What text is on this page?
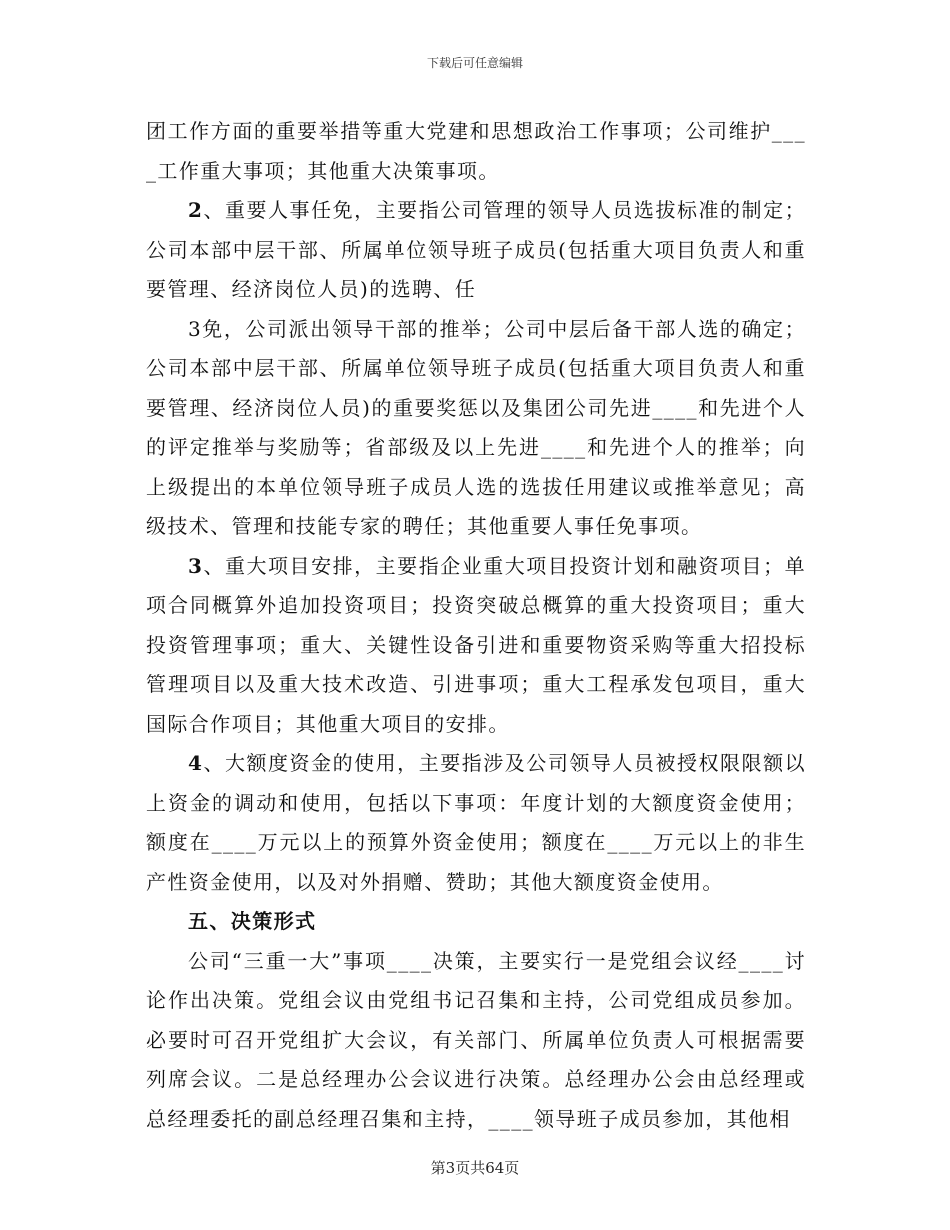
下载后可任意编辑

团工作方面的重要举措等重大党建和思想政治工作事项；公司维护____工作重大事项；其他重大决策事项。

2、重要人事任免，主要指公司管理的领导人员选拔标准的制定；公司本部中层干部、所属单位领导班子成员(包括重大项目负责人和重要管理、经济岗位人员)的选聘、任

3免，公司派出领导干部的推举；公司中层后备干部人选的确定；公司本部中层干部、所属单位领导班子成员(包括重大项目负责人和重要管理、经济岗位人员)的重要奖惩以及集团公司先进____和先进个人的评定推举与奖励等；省部级及以上先进____和先进个人的推举；向上级提出的本单位领导班子成员人选的选拔任用建议或推举意见；高级技术、管理和技能专家的聘任；其他重要人事任免事项。

3、重大项目安排，主要指企业重大项目投资计划和融资项目；单项合同概算外追加投资项目；投资突破总概算的重大投资项目；重大投资管理事项；重大、关键性设备引进和重要物资采购等重大招投标管理项目以及重大技术改造、引进事项；重大工程承发包项目，重大国际合作项目；其他重大项目的安排。

4、大额度资金的使用，主要指涉及公司领导人员被授权限限额以上资金的调动和使用，包括以下事项：年度计划的大额度资金使用；额度在____万元以上的预算外资金使用；额度在____万元以上的非生产性资金使用，以及对外捐赠、赞助；其他大额度资金使用。

五、决策形式

公司“三重一大”事项____决策，主要实行一是党组会议经____讨论作出决策。党组会议由党组书记召集和主持，公司党组成员参加。必要时可召开党组扩大会议，有关部门、所属单位负责人可根据需要列席会议。二是总经理办公会议进行决策。总经理办公会由总经理或总经理委托的副总经理召集和主持，____领导班子成员参加，其他相

第3页共64页
